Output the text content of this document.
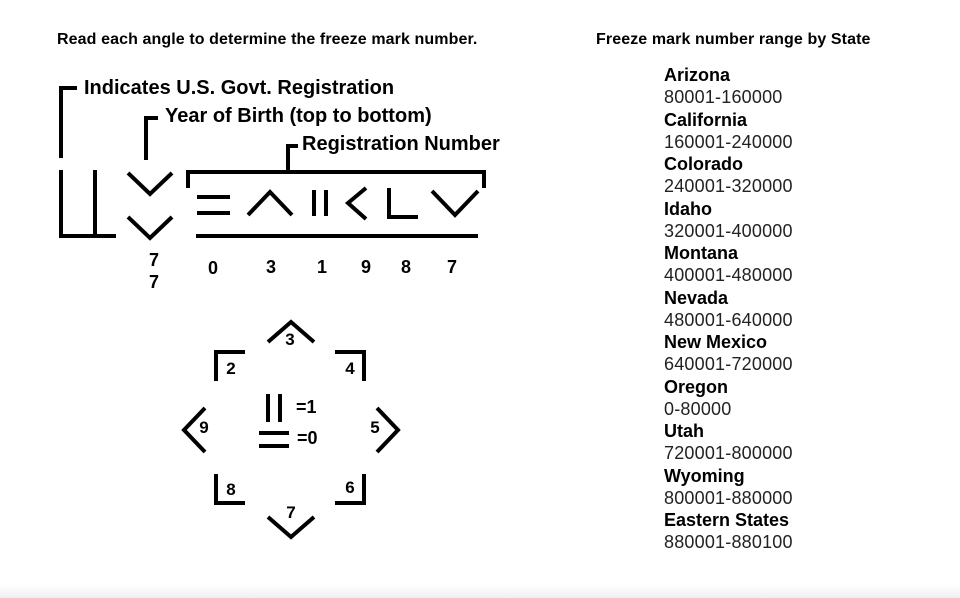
Read each angle to determine the freeze mark number.	Freeze mark number range by State
Indicates U.S. Govt. Registration
Year of Birth (top to bottom)
Registration Number
7
7
0	3	1	9	8	7
3
2	4
9	5
8	6
7
=1
=0
Arizona
80001-160000
California
160001-240000
Colorado
240001-320000
Idaho
320001-400000
Montana
400001-480000
Nevada
480001-640000
New Mexico
640001-720000
Oregon
0-80000
Utah
720001-800000
Wyoming
800001-880000
Eastern States
880001-880100
